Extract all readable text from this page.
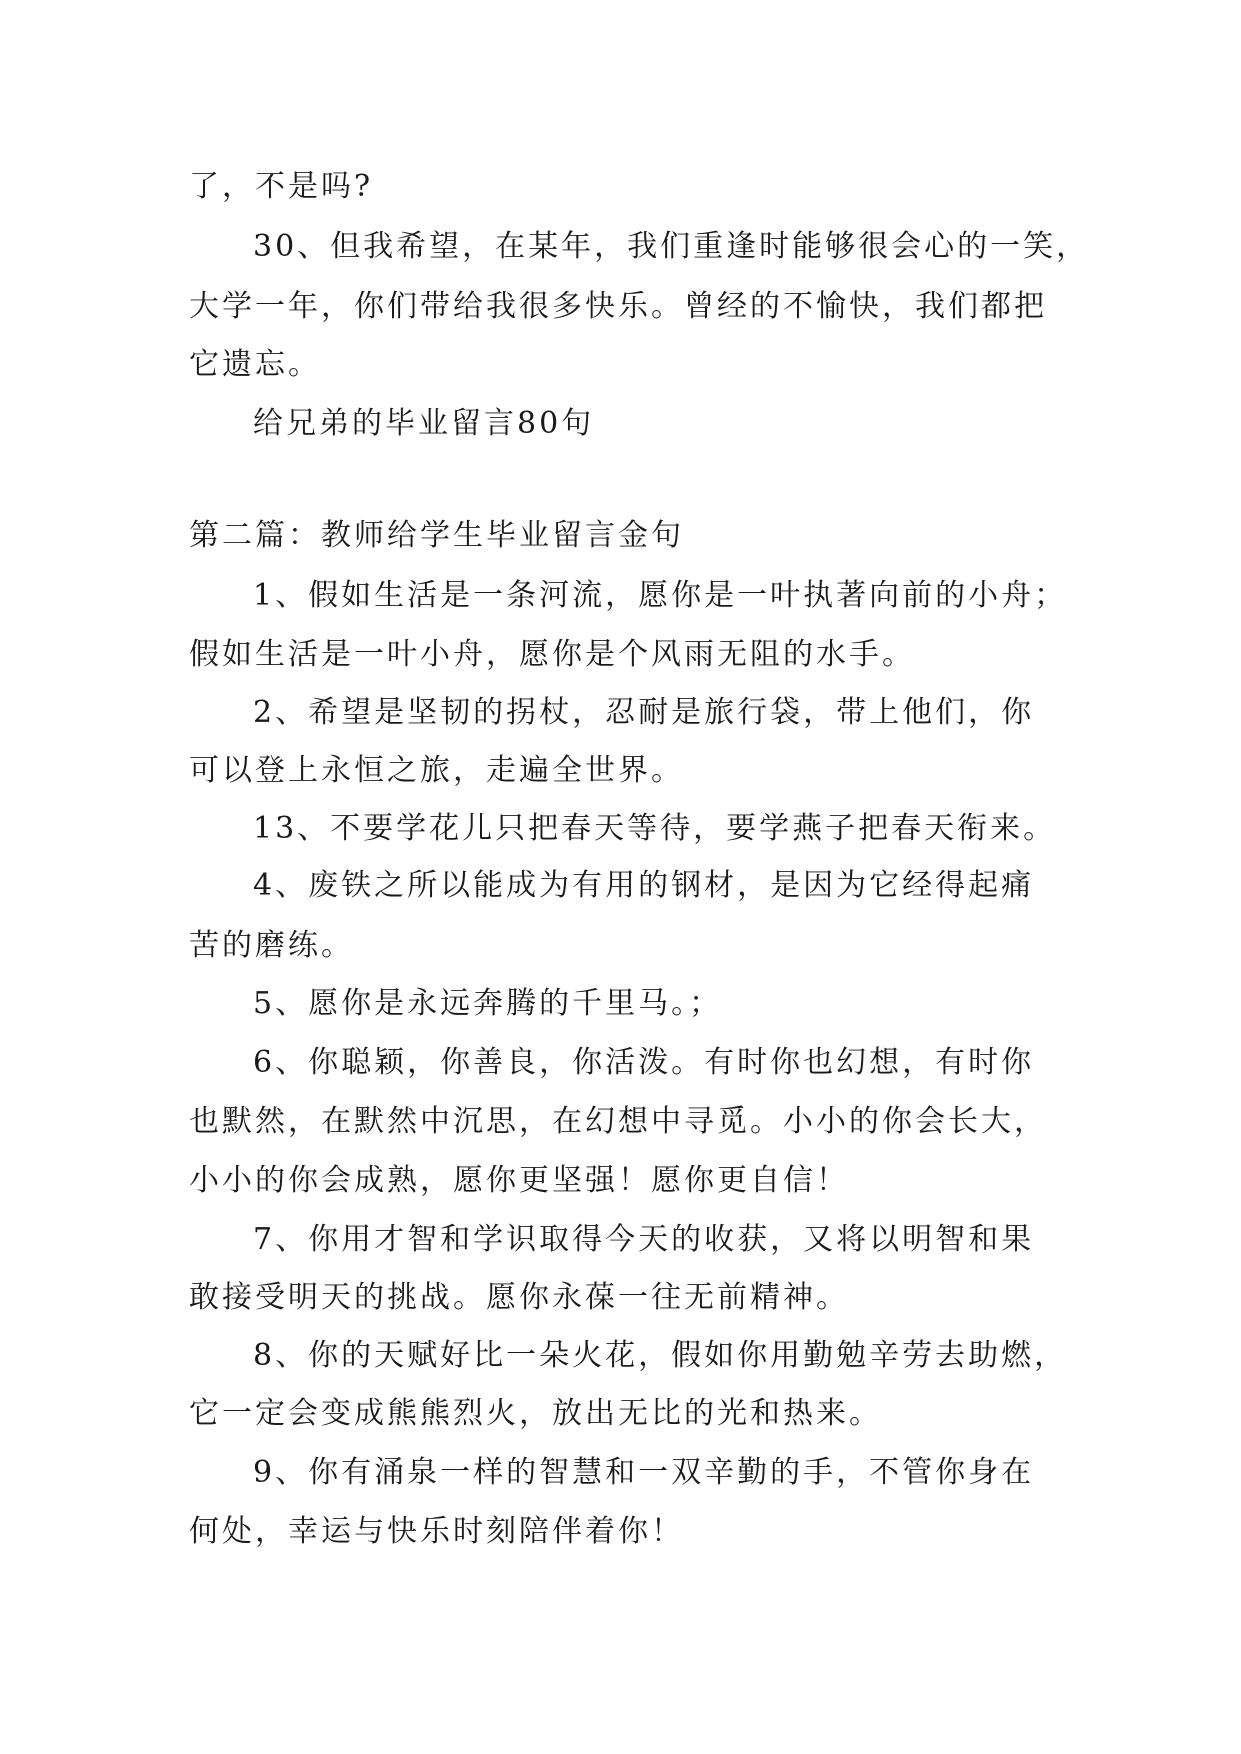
了，不是吗?

30、但我希望，在某年，我们重逢时能够很会心的一笑，

大学一年，你们带给我很多快乐。曾经的不愉快，我们都把

它遗忘。

给兄弟的毕业留言80句

第二篇：教师给学生毕业留言金句

1、假如生活是一条河流，愿你是一叶执著向前的小舟；

假如生活是一叶小舟，愿你是个风雨无阻的水手。

2、希望是坚韧的拐杖，忍耐是旅行袋，带上他们，你

可以登上永恒之旅，走遍全世界。

13、不要学花儿只把春天等待，要学燕子把春天衔来。

4、废铁之所以能成为有用的钢材，是因为它经得起痛

苦的磨练。

5、愿你是永远奔腾的千里马。；

6、你聪颖，你善良，你活泼。有时你也幻想，有时你

也默然，在默然中沉思，在幻想中寻觅。小小的你会长大，

小小的你会成熟，愿你更坚强！愿你更自信！

7、你用才智和学识取得今天的收获，又将以明智和果

敢接受明天的挑战。愿你永葆一往无前精神。

8、你的天赋好比一朵火花，假如你用勤勉辛劳去助燃，

它一定会变成熊熊烈火，放出无比的光和热来。

9、你有涌泉一样的智慧和一双辛勤的手，不管你身在

何处，幸运与快乐时刻陪伴着你！
